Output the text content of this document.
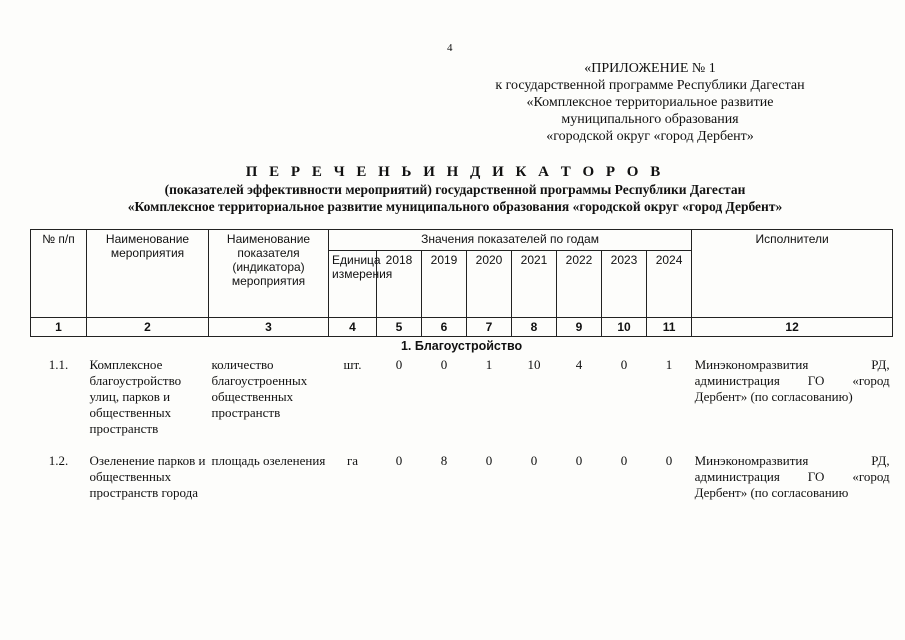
4
«ПРИЛОЖЕНИЕ № 1
к государственной программе Республики Дагестан
«Комплексное территориальное развитие
муниципального образования
«городской округ «город Дербент»
П Е Р Е Ч Е Н Ь И Н Д И К А Т О Р О В
(показателей эффективности мероприятий) государственной программы Республики Дагестан
«Комплексное территориальное развитие муниципального образования «городской округ «город Дербент»
№ п/п	Наименование мероприятия	Наименование показателя (индикатора) мероприятия	Значения показателей по годам								Исполнители
			Единица измерения	2018	2019	2020	2021	2022	2023	2024	
1	2	3	4	5	6	7	8	9	10	11	12
1. Благоустройство											
1.1.	Комплексное благоустройство улиц, парков и общественных пространств	количество благоустроенных общественных пространств	шт.	0	0	1	10	4	0	1	Минэкономразвития РД, администрация ГО «город Дербент» (по согласованию)
1.2.	Озеленение парков и общественных пространств города	площадь озеленения	га	0	8	0	0	0	0	0	Минэкономразвития РД, администрация ГО «город Дербент» (по согласованию
